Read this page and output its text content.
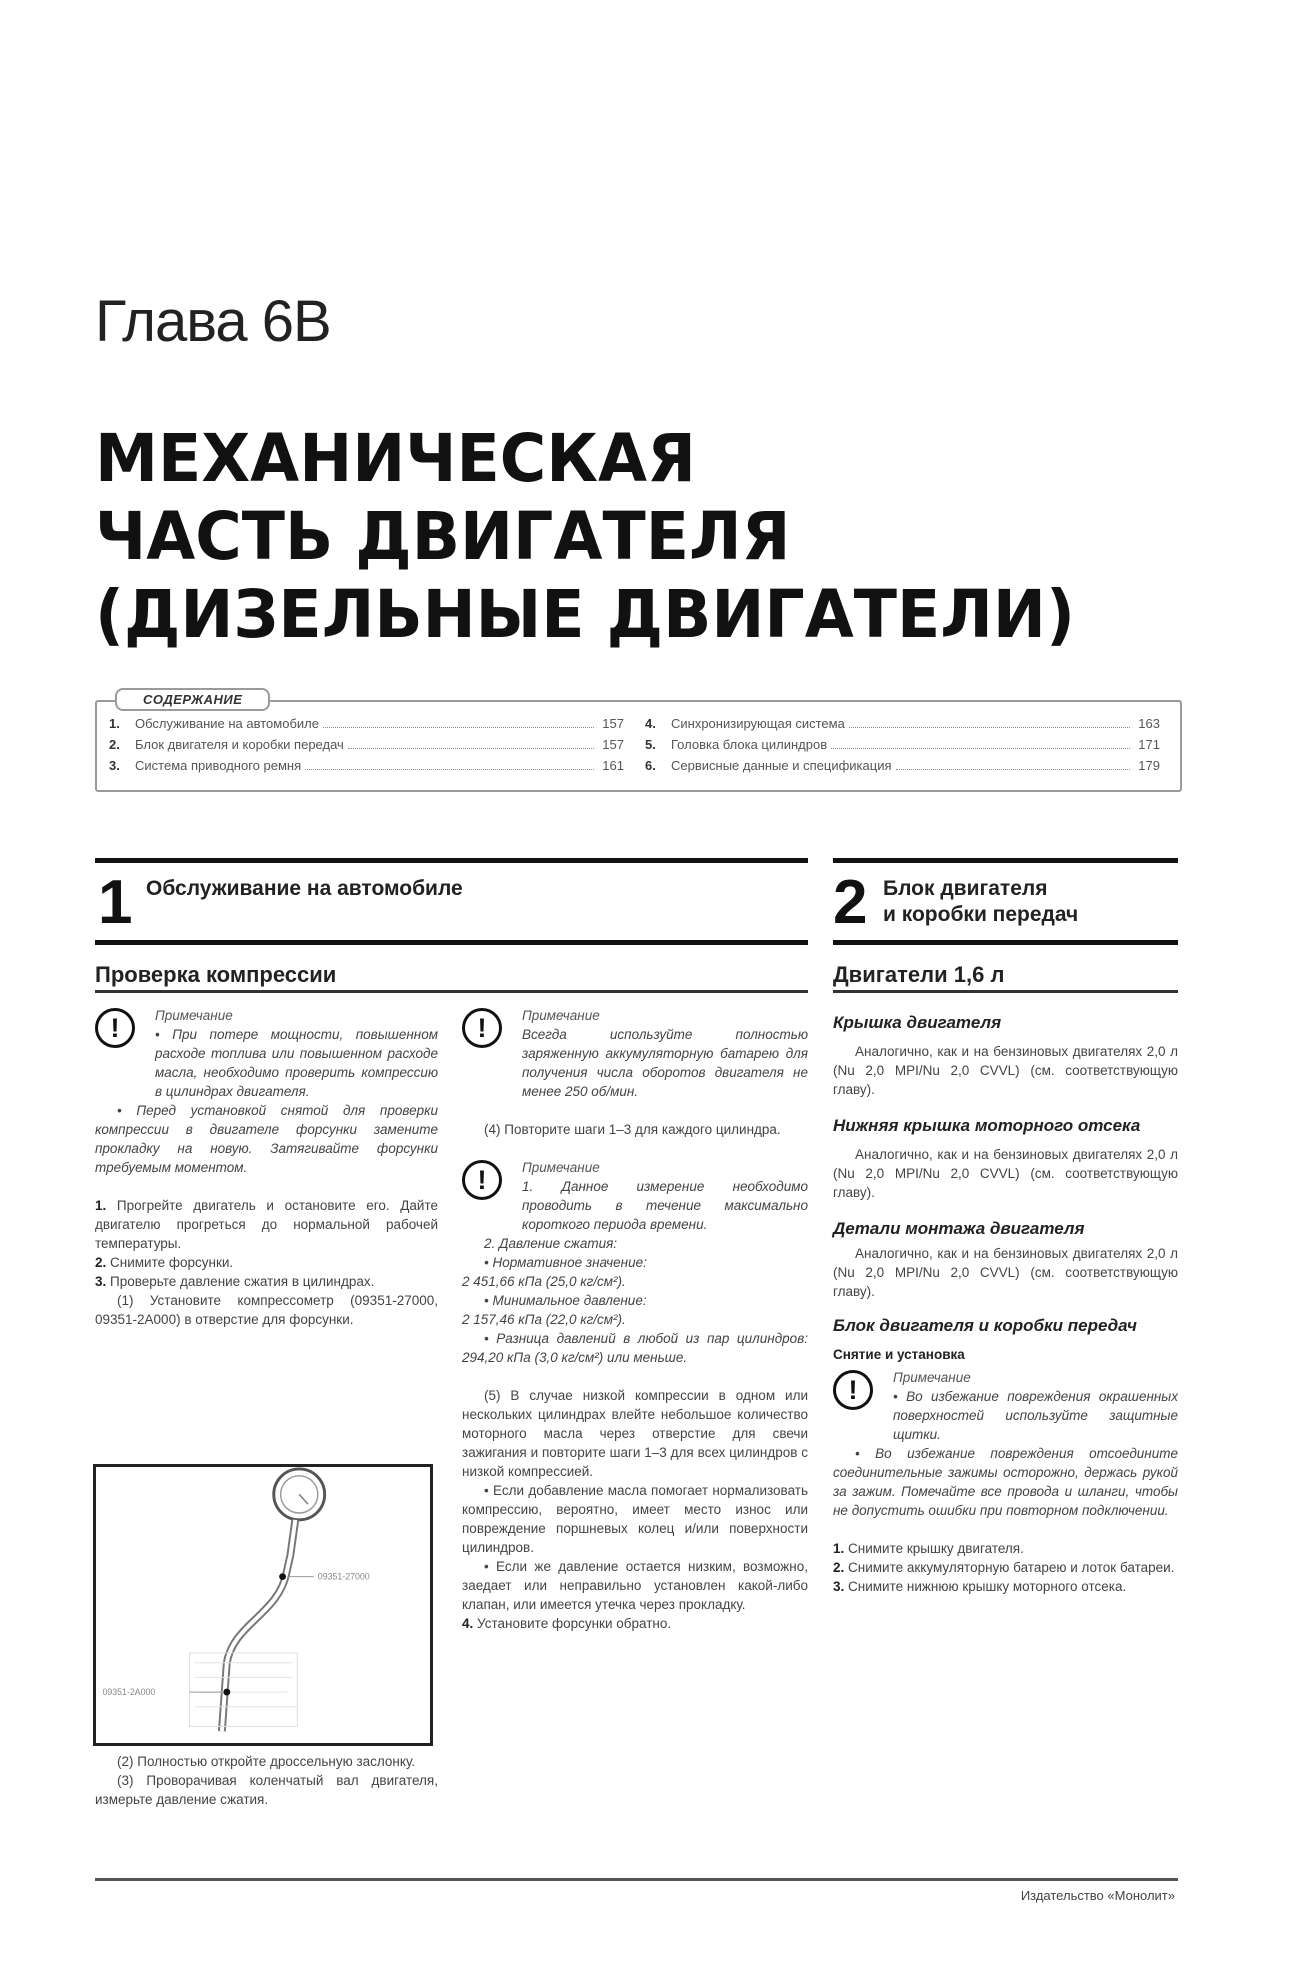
Глава 6В
МЕХАНИЧЕСКАЯ
ЧАСТЬ ДВИГАТЕЛЯ
(ДИЗЕЛЬНЫЕ ДВИГАТЕЛИ)
СОДЕРЖАНИЕ
1.	Обслуживание на автомобиле	157
2.	Блок двигателя и коробки передач	157
3.	Система приводного ремня	161
4.	Синхронизирующая система	163
5.	Головка блока цилиндров	171
6.	Сервисные данные и спецификация	179
1 Обслуживание на автомобиле
Проверка компрессии
!	Примечание
• При потере мощности, повышенном расходе топлива или повышенном расходе масла, необходимо проверить компрессию в цилиндрах двигателя.
• Перед установкой снятой для проверки компрессии в двигателе форсунки замените прокладку на новую. Затягивайте форсунки требуемым моментом.

1. Прогрейте двигатель и остановите его. Дайте двигателю прогреться до нормальной рабочей температуры.

2. Снимите форсунки.

3. Проверьте давление сжатия в цилиндрах.

(1) Установите компрессометр (09351-27000, 09351-2A000) в отверстие для форсунки.

09351-27000
09351-2A000

(2) Полностью откройте дроссельную заслонку.

(3) Проворачивая коленчатый вал двигателя, измерьте давление сжатия.

!	Примечание
Всегда используйте полностью заряженную аккумуляторную батарею для получения числа оборотов двигателя не менее 250 об/мин.

(4) Повторите шаги 1–3 для каждого цилиндра.

!	Примечание
1. Данное измерение необходимо проводить в течение максимально короткого периода времени.
2. Давление сжатия:
• Нормативное значение:
2 451,66 кПа (25,0 кг/см²).
• Минимальное давление:
2 157,46 кПа (22,0 кг/см²).
• Разница давлений в любой из пар цилиндров: 294,20 кПа (3,0 кг/см²) или меньше.

(5) В случае низкой компрессии в одном или нескольких цилиндрах влейте небольшое количество моторного масла через отверстие для свечи зажигания и повторите шаги 1–3 для всех цилиндров с низкой компрессией.

• Если добавление масла помогает нормализовать компрессию, вероятно, имеет место износ или повреждение поршневых колец и/или поверхности цилиндров.

• Если же давление остается низким, возможно, заедает или неправильно установлен какой-либо клапан, или имеется утечка через прокладку.

4. Установите форсунки обратно.

2 Блок двигателя
и коробки передач
Двигатели 1,6 л
Крышка двигателя

Аналогично, как и на бензиновых двигателях 2,0 л (Nu 2,0 MPI/Nu 2,0 CVVL) (см. соответствующую главу).

Нижняя крышка моторного отсека

Аналогично, как и на бензиновых двигателях 2,0 л (Nu 2,0 MPI/Nu 2,0 CVVL) (см. соответствующую главу).

Детали монтажа двигателя

Аналогично, как и на бензиновых двигателях 2,0 л (Nu 2,0 MPI/Nu 2,0 CVVL) (см. соответствующую главу).

Блок двигателя и коробки передач
Снятие и установка
!	Примечание
• Во избежание повреждения окрашенных поверхностей используйте защитные щитки.
• Во избежание повреждения отсоедините соединительные зажимы осторожно, держась рукой за зажим. Помечайте все провода и шланги, чтобы не допустить ошибки при повторном подключении.

1. Снимите крышку двигателя.

2. Снимите аккумуляторную батарею и лоток батареи.

3. Снимите нижнюю крышку моторного отсека.

Издательство «Монолит»
